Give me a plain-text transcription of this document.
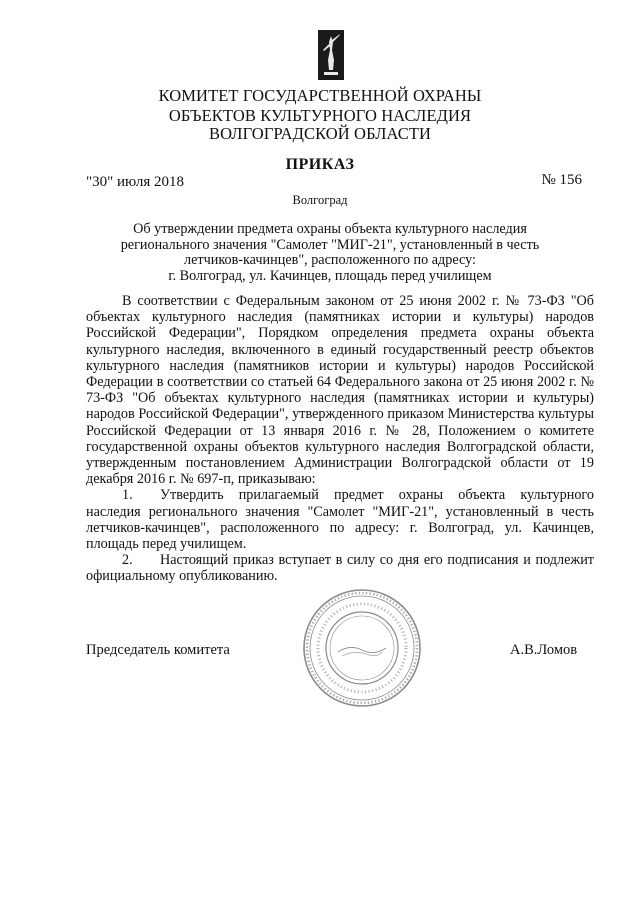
КОМИТЕТ ГОСУДАРСТВЕННОЙ ОХРАНЫ
ОБЪЕКТОВ КУЛЬТУРНОГО НАСЛЕДИЯ
ВОЛГОГРАДСКОЙ ОБЛАСТИ
ПРИКАЗ
"30" июля 2018	№ 156
Волгоград
Об утверждении предмета охраны объекта культурного наследия
регионального значения "Самолет "МИГ-21", установленный в честь
летчиков-качинцев", расположенного по адресу:
г. Волгоград, ул. Качинцев, площадь перед училищем
В соответствии с Федеральным законом от 25 июня 2002 г. № 73-ФЗ "Об объектах культурного наследия (памятниках истории и культуры) народов Российской Федерации", Порядком определения предмета охраны объекта культурного наследия, включенного в единый государственный реестр объектов культурного наследия (памятников истории и культуры) народов Российской Федерации в соответствии со статьей 64 Федерального закона от 25 июня 2002 г. № 73-ФЗ "Об объектах культурного наследия (памятниках истории и культуры) народов Российской Федерации", утвержденного приказом Министерства культуры Российской Федерации от 13 января 2016 г. № 28, Положением о комитете государственной охраны объектов культурного наследия Волгоградской области, утвержденным постановлением Администрации Волгоградской области от 19 декабря 2016 г. № 697-п, приказываю:
1. Утвердить прилагаемый предмет охраны объекта культурного наследия регионального значения "Самолет "МИГ-21", установленный в честь летчиков-качинцев", расположенного по адресу: г. Волгоград, ул. Качинцев, площадь перед училищем.
2. Настоящий приказ вступает в силу со дня его подписания и подлежит официальному опубликованию.
Председатель комитета	А.В.Ломов
